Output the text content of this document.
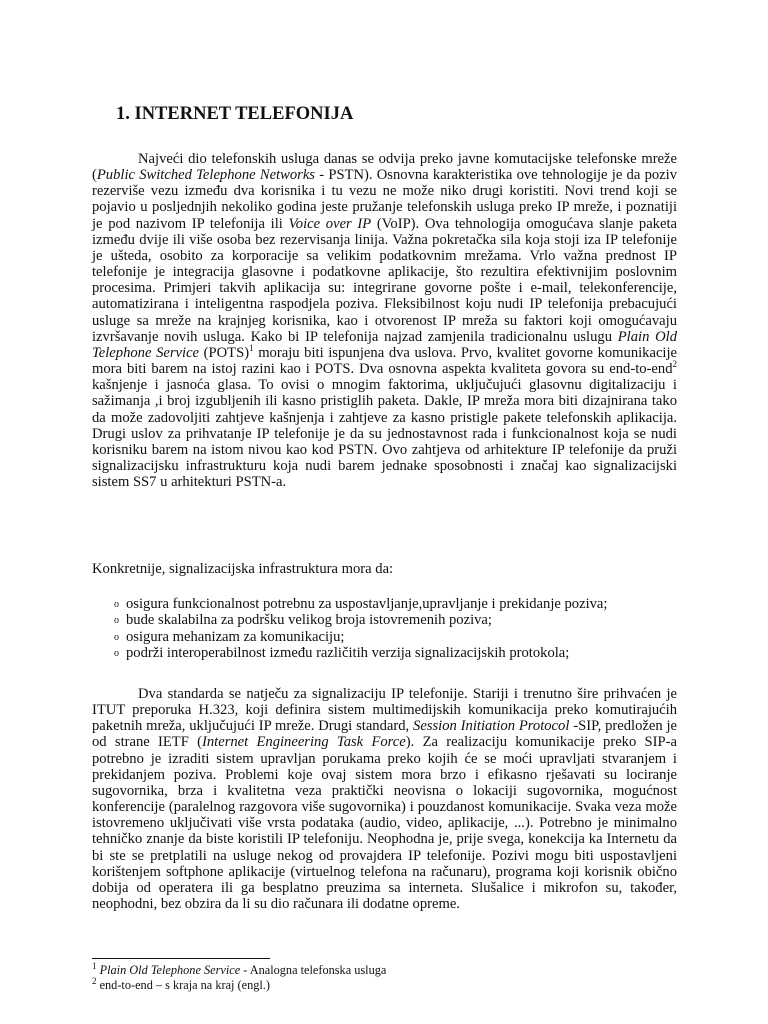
1. INTERNET TELEFONIJA

Najveći dio telefonskih usluga danas se odvija preko javne komutacijske telefonske mreže (Public Switched Telephone Networks - PSTN). Osnovna karakteristika ove tehnologije je da poziv rezerviše vezu između dva korisnika i tu vezu ne može niko drugi koristiti. Novi trend koji se pojavio u posljednjih nekoliko godina jeste pružanje telefonskih usluga preko IP mreže, i poznatiji je pod nazivom IP telefonija ili Voice over IP (VoIP). Ova tehnologija omogućava slanje paketa između dvije ili više osoba bez rezervisanja linija. Važna pokretačka sila koja stoji iza IP telefonije je ušteda, osobito za korporacije sa velikim podatkovnim mrežama. Vrlo važna prednost IP telefonije je integracija glasovne i podatkovne aplikacije, što rezultira efektivnijim poslovnim procesima. Primjeri takvih aplikacija su: integrirane govorne pošte i e-mail, telekonferencije, automatizirana i inteligentna raspodjela poziva. Fleksibilnost koju nudi IP telefonija prebacujući usluge sa mreže na krajnjeg korisnika, kao i otvorenost IP mreža su faktori koji omogućavaju izvršavanje novih usluga. Kako bi IP telefonija najzad zamjenila tradicionalnu uslugu Plain Old Telephone Service (POTS)$^1$ moraju biti ispunjena dva uslova. Prvo, kvalitet govorne komunikacije mora biti barem na istoj razini kao i POTS. Dva osnovna aspekta kvaliteta govora su end-to-end$^2$ kašnjenje i jasnoća glasa. To ovisi o mnogim faktorima, uključujući glasovnu digitalizaciju i sažimanja ,i broj izgubljenih ili kasno pristiglih paketa. Dakle, IP mreža mora biti dizajnirana tako da može zadovoljiti zahtjeve kašnjenja i zahtjeve za kasno pristigle pakete telefonskih aplikacija. Drugi uslov za prihvatanje IP telefonije je da su jednostavnost rada i funkcionalnost koja se nudi korisniku barem na istom nivou kao kod PSTN. Ovo zahtjeva od arhitekture IP telefonije da pruži signalizacijsku infrastrukturu koja nudi barem jednake sposobnosti i značaj kao signalizacijski sistem SS7 u arhitekturi PSTN-a.

Konkretnije, signalizacijska infrastruktura mora da:

o osigura funkcionalnost potrebnu za uspostavljanje,upravljanje i prekidanje poziva;
o bude skalabilna za podršku velikog broja istovremenih poziva;
o osigura mehanizam za komunikaciju;
o podrži interoperabilnost između različitih verzija signalizacijskih protokola;

Dva standarda se natječu za signalizaciju IP telefonije. Stariji i trenutno šire prihvaćen je ITUT preporuka H.323, koji definira sistem multimedijskih komunikacija preko komutirajućih paketnih mreža, uključujući IP mreže. Drugi standard, Session Initiation Protocol -SIP, predložen je od strane IETF (Internet Engineering Task Force). Za realizaciju komunikacije preko SIP-a potrebno je izraditi sistem upravljan porukama preko kojih će se moći upravljati stvaranjem i prekidanjem poziva. Problemi koje ovaj sistem mora brzo i efikasno rješavati su lociranje sugovornika, brza i kvalitetna veza praktički neovisna o lokaciji sugovornika, mogućnost konferencije (paralelnog razgovora više sugovornika) i pouzdanost komunikacije. Svaka veza može istovremeno uključivati više vrsta podataka (audio, video, aplikacije, ...). Potrebno je minimalno tehničko znanje da biste koristili IP telefoniju. Neophodna je, prije svega, konekcija ka Internetu da bi ste se pretplatili na usluge nekog od provajdera IP telefonije. Pozivi mogu biti uspostavljeni korištenjem softphone aplikacije (virtuelnog telefona na računaru), programa koji korisnik obično dobija od operatera ili ga besplatno preuzima sa interneta. Slušalice i mikrofon su, također, neophodni, bez obzira da li su dio računara ili dodatne opreme.

$^1$ Plain Old Telephone Service - Analogna telefonska usluga
$^2$ end-to-end – s kraja na kraj (engl.)
